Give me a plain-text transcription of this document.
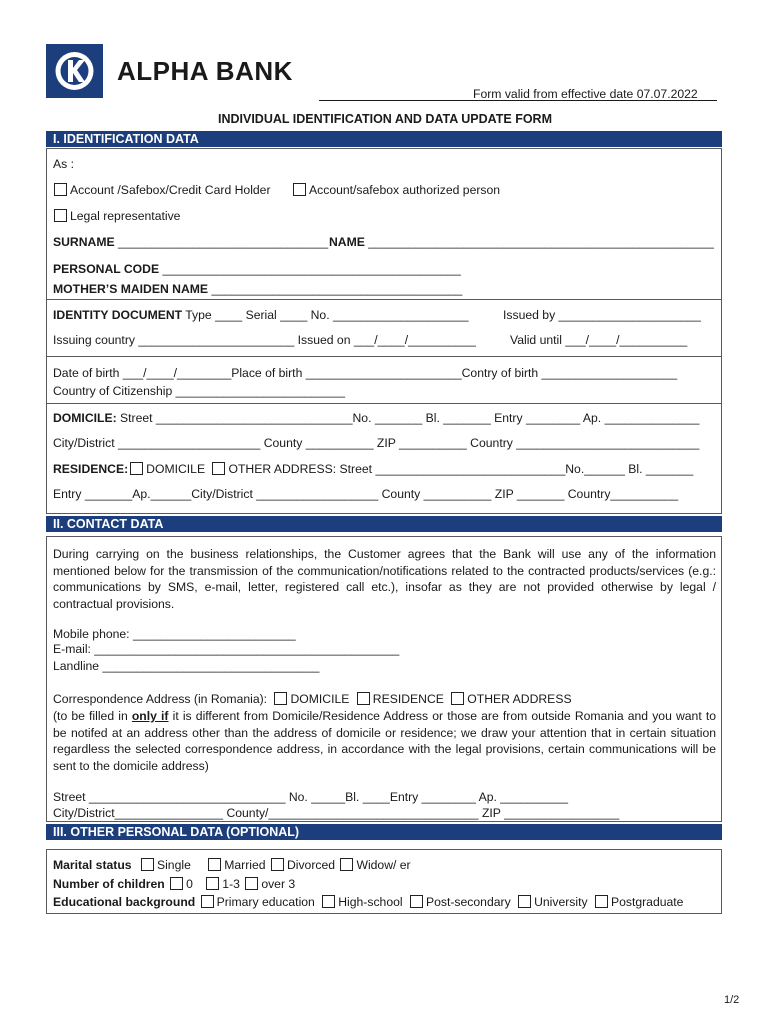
ALPHA BANK
Form valid from effective date 07.07.2022
INDIVIDUAL IDENTIFICATION AND DATA UPDATE FORM
I. IDENTIFICATION DATA
As :
Account /Safebox/Credit Card Holder	Account/safebox authorized person
Legal representative
SURNAME _______________________________ NAME ___________________________________________________
PERSONAL CODE ____________________________________________
MOTHER’S MAIDEN NAME _____________________________________
IDENTITY DOCUMENT Type ____ Serial ____ No. ____________________	Issued by _____________________
Issuing country _______________________ Issued on ___/____/__________	Valid until ___/____/__________
Date of birth ___/____/________Place of birth _______________________Contry of birth ____________________
Country of Citizenship _________________________
DOMICILE: Street _____________________________No. _______ Bl. _______ Entry ________ Ap. ______________
City/District _____________________ County __________ ZIP __________ Country ___________________________
RESIDENCE: DOMICILE OTHER ADDRESS: Street ____________________________No.______ Bl. _______
Entry _______Ap.______City/District __________________ County __________ ZIP _______ Country__________
II. CONTACT DATA
During carrying on the business relationships, the Customer agrees that the Bank will use any of the information mentioned below for the transmission of the communication/notifications related to the contracted products/services (e.g.: communications by SMS, e-mail, letter, registered call etc.), insofar as they are not provided otherwise by legal / contractual provisions.
Mobile phone: ________________________
E-mail: _____________________________________________
Landline ________________________________
Correspondence Address (in Romania): DOMICILE RESIDENCE OTHER ADDRESS
(to be filled in only if it is different from Domicile/Residence Address or those are from outside Romania and you want to be notifed at an address other than the address of domicile or residence; we draw your attention that in certain situation regardless the selected correspondence address, in accordance with the legal provisions, certain communications will be sent to the domicile address)
Street _____________________________ No. _____Bl. ____Entry ________ Ap. __________
City/District________________ County/_______________________________ ZIP _________________
III. OTHER PERSONAL DATA (OPTIONAL)
Marital status Single	Married Divorced Widow/ er
Number of children 0 1-3 over 3
Educational background Primary education High-school Post-secondary University Postgraduate
1/2
